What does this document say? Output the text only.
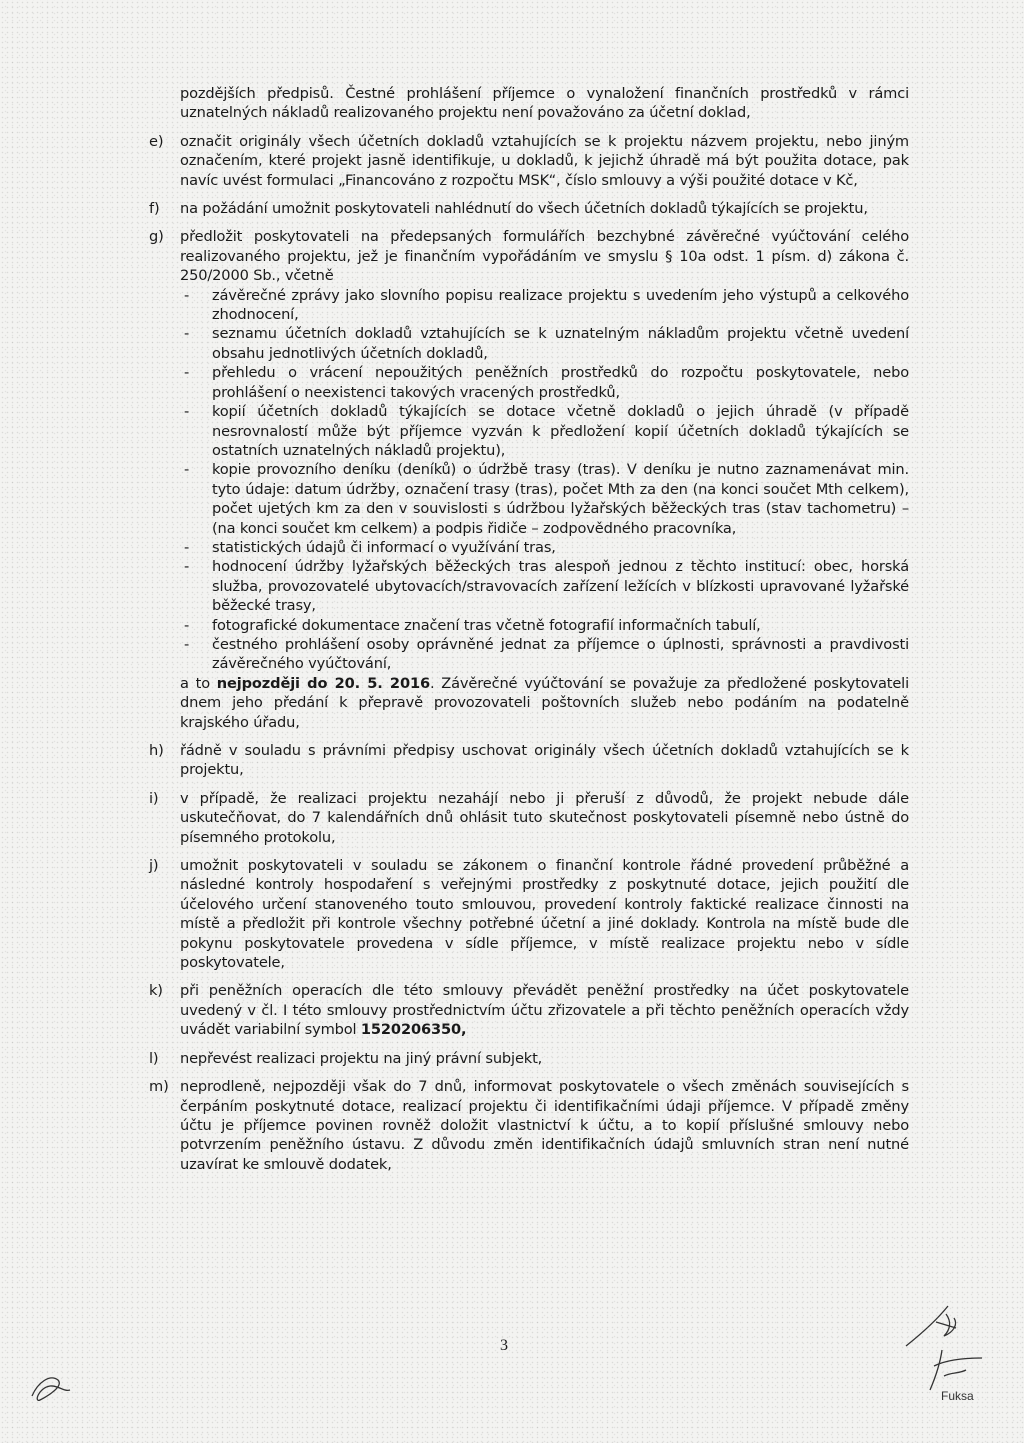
pozdějších předpisů. Čestné prohlášení příjemce o vynaložení finančních prostředků v rámci uznatelných nákladů realizovaného projektu není považováno za účetní doklad,

e)	označit originály všech účetních dokladů vztahujících se k projektu názvem projektu, nebo jiným označením, které projekt jasně identifikuje, u dokladů, k jejichž úhradě má být použita dotace, pak navíc uvést formulaci „Financováno z rozpočtu MSK“, číslo smlouvy a výši použité dotace v Kč,

f)	na požádání umožnit poskytovateli nahlédnutí do všech účetních dokladů týkajících se projektu,

g)	předložit poskytovateli na předepsaných formulářích bezchybné závěrečné vyúčtování celého realizovaného projektu, jež je finančním vypořádáním ve smyslu § 10a odst. 1 písm. d) zákona č. 250/2000 Sb., včetně

- závěrečné zprávy jako slovního popisu realizace projektu s uvedením jeho výstupů a celkového zhodnocení,

- seznamu účetních dokladů vztahujících se k uznatelným nákladům projektu včetně uvedení obsahu jednotlivých účetních dokladů,

- přehledu o vrácení nepoužitých peněžních prostředků do rozpočtu poskytovatele, nebo prohlášení o neexistenci takových vracených prostředků,

- kopií účetních dokladů týkajících se dotace včetně dokladů o jejich úhradě (v případě nesrovnalostí může být příjemce vyzván k předložení kopií účetních dokladů týkajících se ostatních uznatelných nákladů projektu),

- kopie provozního deníku (deníků) o údržbě trasy (tras). V deníku je nutno zaznamenávat min. tyto údaje: datum údržby, označení trasy (tras), počet Mth za den (na konci součet Mth celkem), počet ujetých km za den v souvislosti s údržbou lyžařských běžeckých tras (stav tachometru) – (na konci součet km celkem) a podpis řidiče – zodpovědného pracovníka,

- statistických údajů či informací o využívání tras,

- hodnocení údržby lyžařských běžeckých tras alespoň jednou z těchto institucí: obec, horská služba, provozovatelé ubytovacích/stravovacích zařízení ležících v blízkosti upravované lyžařské běžecké trasy,

- fotografické dokumentace značení tras včetně fotografií informačních tabulí,

- čestného prohlášení osoby oprávněné jednat za příjemce o úplnosti, správnosti a pravdivosti závěrečného vyúčtování,

a to nejpozději do 20. 5. 2016. Závěrečné vyúčtování se považuje za předložené poskytovateli dnem jeho předání k přepravě provozovateli poštovních služeb nebo podáním na podatelně krajského úřadu,

h)	řádně v souladu s právními předpisy uschovat originály všech účetních dokladů vztahujících se k projektu,

i)	v případě, že realizaci projektu nezahájí nebo ji přeruší z důvodů, že projekt nebude dále uskutečňovat, do 7 kalendářních dnů ohlásit tuto skutečnost poskytovateli písemně nebo ústně do písemného protokolu,

j)	umožnit poskytovateli v souladu se zákonem o finanční kontrole řádné provedení průběžné a následné kontroly hospodaření s veřejnými prostředky z poskytnuté dotace, jejich použití dle účelového určení stanoveného touto smlouvou, provedení kontroly faktické realizace činnosti na místě a předložit při kontrole všechny potřebné účetní a jiné doklady. Kontrola na místě bude dle pokynu poskytovatele provedena v sídle příjemce, v místě realizace projektu nebo v sídle poskytovatele,

k)	při peněžních operacích dle této smlouvy převádět peněžní prostředky na účet poskytovatele uvedený v čl. I této smlouvy prostřednictvím účtu zřizovatele a při těchto peněžních operacích vždy uvádět variabilní symbol 1520206350,

l)	nepřevést realizaci projektu na jiný právní subjekt,

m) neprodleně, nejpozději však do 7 dnů, informovat poskytovatele o všech změnách souvisejících s čerpáním poskytnuté dotace, realizací projektu či identifikačními údaji příjemce. V případě změny účtu je příjemce povinen rovněž doložit vlastnictví k účtu, a to kopií příslušné smlouvy nebo potvrzením peněžního ústavu. Z důvodu změn identifikačních údajů smluvních stran není nutné uzavírat ke smlouvě dodatek,

3
Fuksa
